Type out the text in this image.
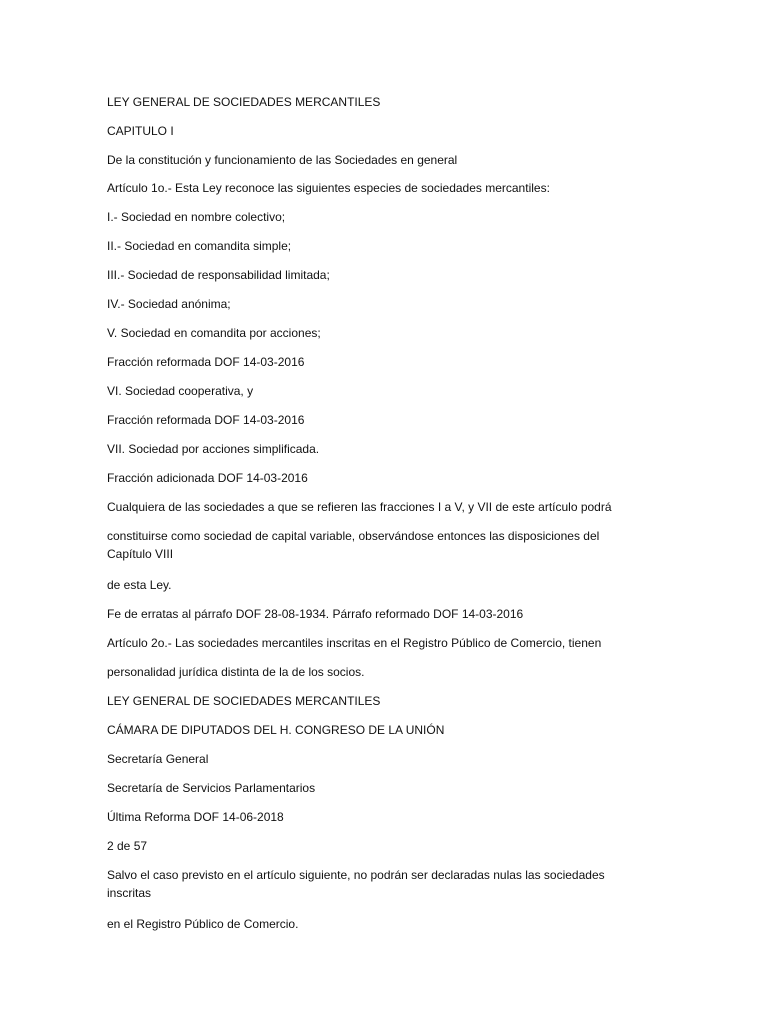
LEY GENERAL DE SOCIEDADES MERCANTILES

CAPITULO I

De la constitución y funcionamiento de las Sociedades en general

Artículo 1o.- Esta Ley reconoce las siguientes especies de sociedades mercantiles:

I.- Sociedad en nombre colectivo;

II.- Sociedad en comandita simple;

III.- Sociedad de responsabilidad limitada;

IV.- Sociedad anónima;

V. Sociedad en comandita por acciones;

Fracción reformada DOF 14-03-2016

VI. Sociedad cooperativa, y

Fracción reformada DOF 14-03-2016

VII. Sociedad por acciones simplificada.

Fracción adicionada DOF 14-03-2016

Cualquiera de las sociedades a que se refieren las fracciones I a V, y VII de este artículo podrá

constituirse como sociedad de capital variable, observándose entonces las disposiciones del Capítulo VIII

de esta Ley.

Fe de erratas al párrafo DOF 28-08-1934. Párrafo reformado DOF 14-03-2016

Artículo 2o.- Las sociedades mercantiles inscritas en el Registro Público de Comercio, tienen

personalidad jurídica distinta de la de los socios.

LEY GENERAL DE SOCIEDADES MERCANTILES

CÁMARA DE DIPUTADOS DEL H. CONGRESO DE LA UNIÓN

Secretaría General

Secretaría de Servicios Parlamentarios

Última Reforma DOF 14-06-2018

2 de 57

Salvo el caso previsto en el artículo siguiente, no podrán ser declaradas nulas las sociedades inscritas

en el Registro Público de Comercio.
